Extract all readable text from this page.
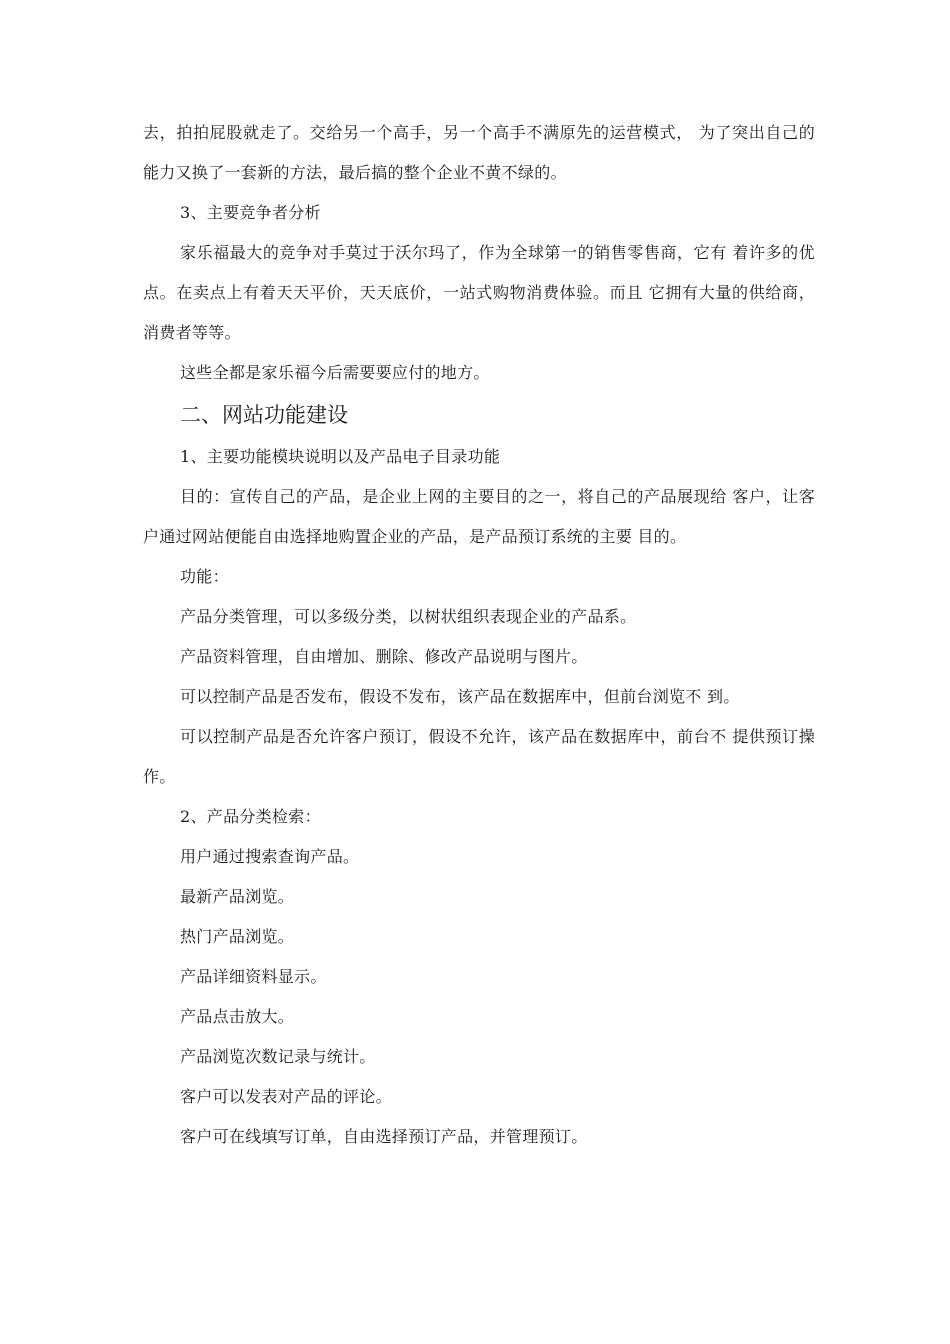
去，拍拍屁股就走了。交给另一个高手，另一个高手不满原先的运营模式， 为了突出自己的能力又换了一套新的方法，最后搞的整个企业不黄不绿的。

3、主要竞争者分析

家乐福最大的竞争对手莫过于沃尔玛了，作为全球第一的销售零售商，它有 着许多的优点。在卖点上有着天天平价，天天底价，一站式购物消费体验。而且 它拥有大量的供给商，消费者等等。

这些全都是家乐福今后需要要应付的地方。

二、网站功能建设

1、主要功能模块说明以及产品电子目录功能

目的：宣传自己的产品，是企业上网的主要目的之一，将自己的产品展现给 客户，让客户通过网站便能自由选择地购置企业的产品，是产品预订系统的主要 目的。

功能：

产品分类管理，可以多级分类，以树状组织表现企业的产品系。

产品资料管理，自由增加、删除、修改产品说明与图片。

可以控制产品是否发布，假设不发布，该产品在数据库中，但前台浏览不 到。

可以控制产品是否允许客户预订，假设不允许，该产品在数据库中，前台不 提供预订操作。

2、产品分类检索：

用户通过搜索查询产品。

最新产品浏览。

热门产品浏览。

产品详细资料显示。

产品点击放大。

产品浏览次数记录与统计。

客户可以发表对产品的评论。

客户可在线填写订单，自由选择预订产品，并管理预订。
